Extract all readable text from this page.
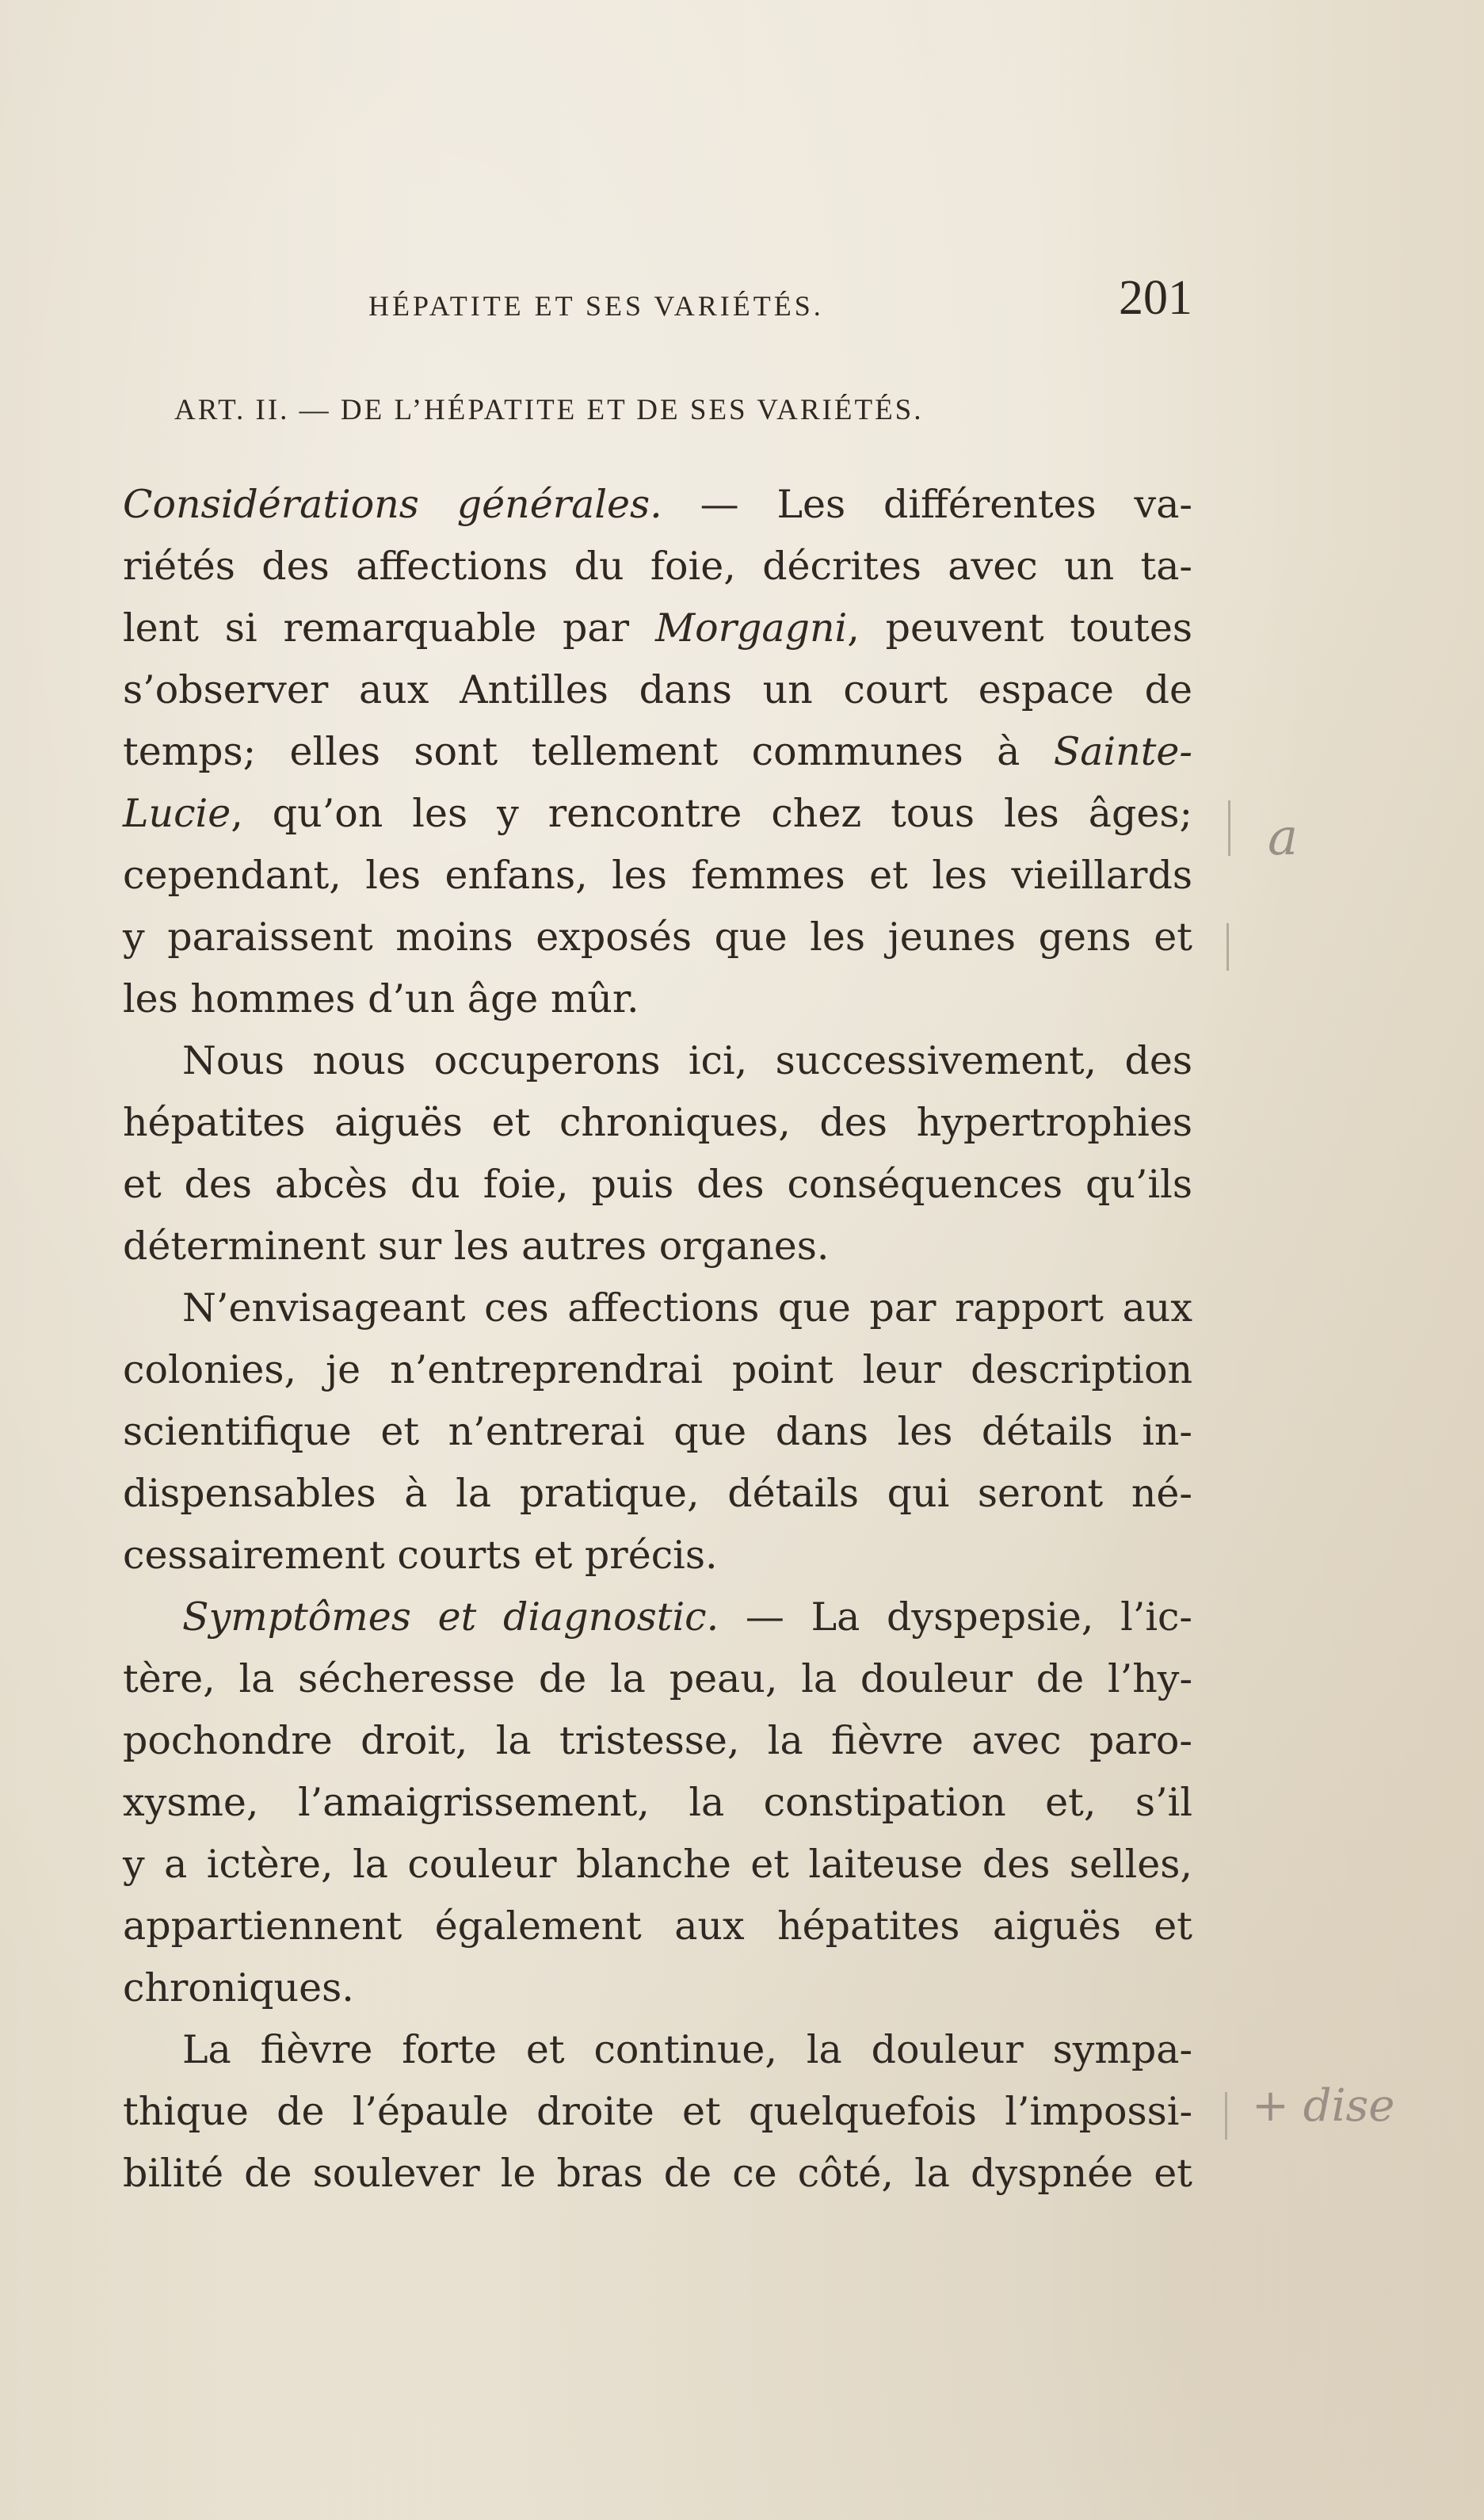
HÉPATITE ET SES VARIÉTÉS.	201
ART. II. — DE L’HÉPATITE ET DE SES VARIÉTÉS.
Considérations générales. — Les différentes va-
riétés des affections du foie, décrites avec un ta-
lent si remarquable par Morgagni, peuvent toutes
s’observer aux Antilles dans un court espace de
temps; elles sont tellement communes à Sainte-
Lucie, qu’on les y rencontre chez tous les âges;
cependant, les enfans, les femmes et les vieillards
y paraissent moins exposés que les jeunes gens et
les hommes d’un âge mûr.
Nous nous occuperons ici, successivement, des
hépatites aiguës et chroniques, des hypertrophies
et des abcès du foie, puis des conséquences qu’ils
déterminent sur les autres organes.
N’envisageant ces affections que par rapport aux
colonies, je n’entreprendrai point leur description
scientifique et n’entrerai que dans les détails in-
dispensables à la pratique, détails qui seront né-
cessairement courts et précis.
Symptômes et diagnostic. — La dyspepsie, l’ic-
tère, la sécheresse de la peau, la douleur de l’hy-
pochondre droit, la tristesse, la fièvre avec paro-
xysme, l’amaigrissement, la constipation et, s’il
y a ictère, la couleur blanche et laiteuse des selles,
appartiennent également aux hépatites aiguës et
chroniques.
La fièvre forte et continue, la douleur sympa-
thique de l’épaule droite et quelquefois l’impossi-
bilité de soulever le bras de ce côté, la dyspnée et
a
+ dise
